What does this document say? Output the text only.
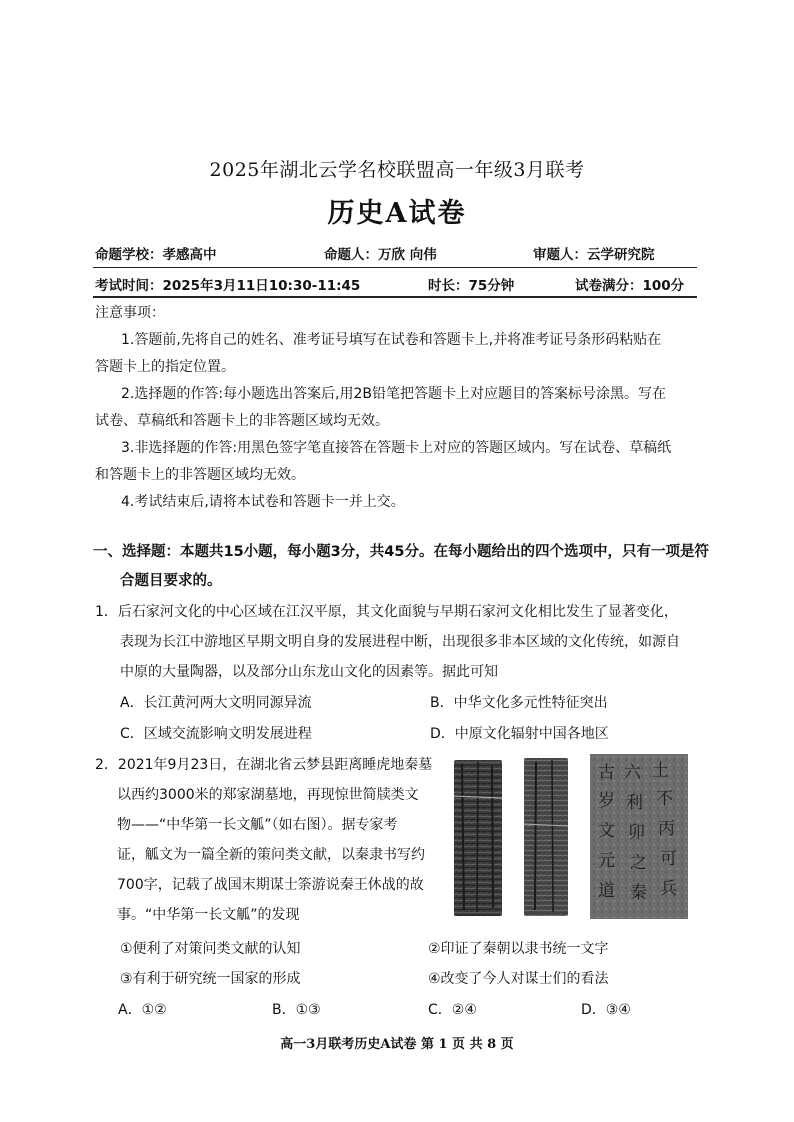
2025年湖北云学名校联盟高一年级3月联考
历史A试卷
命题学校：孝感高中	命题人：万欣 向伟	审题人：云学研究院
考试时间：2025年3月11日10:30-11:45	时长：75分钟	试卷满分：100分
注意事项：
1.答题前,先将自己的姓名、准考证号填写在试卷和答题卡上,并将准考证号条形码粘贴在
答题卡上的指定位置。
2.选择题的作答:每小题选出答案后,用2B铅笔把答题卡上对应题目的答案标号涂黑。写在
试卷、草稿纸和答题卡上的非答题区域均无效。
3.非选择题的作答:用黑色签字笔直接答在答题卡上对应的答题区域内。写在试卷、草稿纸
和答题卡上的非答题区域均无效。
4.考试结束后,请将本试卷和答题卡一并上交。
一、选择题：本题共15小题，每小题3分，共45分。在每小题给出的四个选项中，只有一项是符
合题目要求的。
1．后石家河文化的中心区域在江汉平原，其文化面貌与早期石家河文化相比发生了显著变化，
表现为长江中游地区早期文明自身的发展进程中断，出现很多非本区域的文化传统，如源自
中原的大量陶器，以及部分山东龙山文化的因素等。据此可知
A．长江黄河两大文明同源异流	B．中华文化多元性特征突出
C．区域交流影响文明发展进程	D．中原文化辐射中国各地区
2．2021年9月23日，在湖北省云梦县距离睡虎地秦墓
以西约3000米的郑家湖墓地，再现惊世简牍类文
物——“中华第一长文觚”（如右图）。据专家考
证，觚文为一篇全新的策问类文献，以秦隶书写约
700字，记载了战国末期谋士筡游说秦王休战的故
事。“中华第一长文觚”的发现
古 六 土
岁 利 不
文 卯 丙
元 之 可
道 秦 兵
①便利了对策问类文献的认知	②印证了秦朝以隶书统一文字
③有利于研究统一国家的形成	④改变了今人对谋士们的看法
A．①②	B．①③	C．②④	D．③④
高一3月联考历史A试卷 第 1 页 共 8 页
